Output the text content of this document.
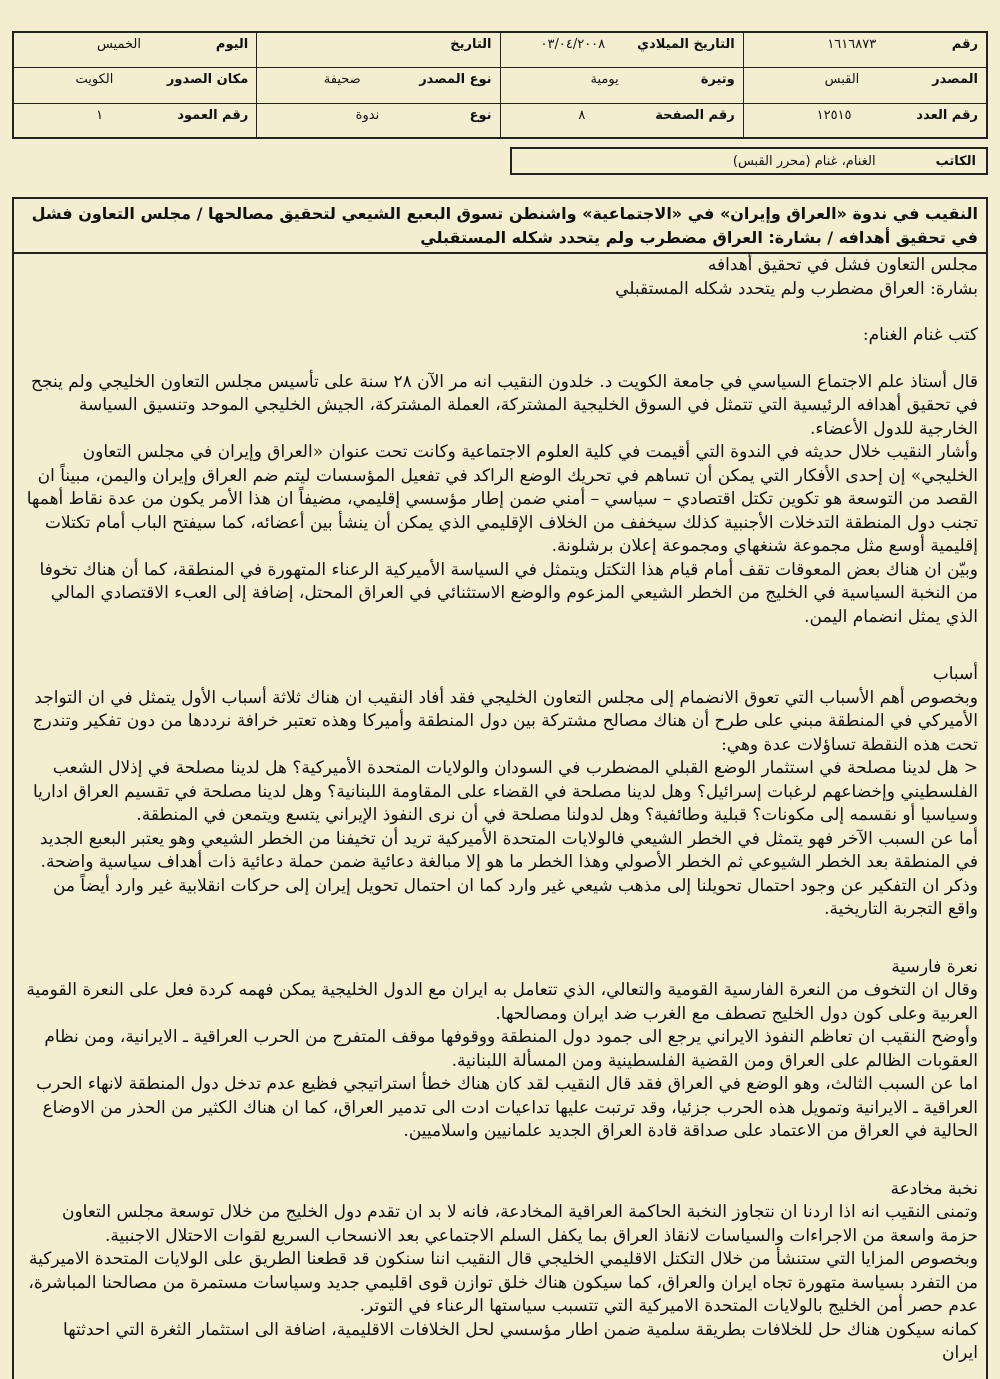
رقم
١٦١٦٨٧٣
التاريخ الميلادي
٠٣/٠٤/٢٠٠٨
التاريخ
اليوم
الخميس
المصدر
القبس
وتيرة
يومية
نوع المصدر
صحيفة
مكان الصدور
الكويت
رقم العدد
١٢٥١٥
رقم الصفحة
٨
نوع
ندوة
رقم العمود
١
الكاتب
الغنام، غنام (محرر القبس)
النقيب في ندوة «العراق وإيران» في «الاجتماعية» واشنطن تسوق البعبع الشيعي لتحقيق مصالحها / مجلس التعاون فشل في تحقيق أهدافه / بشارة: العراق مضطرب ولم يتحدد شكله المستقبلي

مجلس التعاون فشل في تحقيق أهدافه

بشارة: العراق مضطرب ولم يتحدد شكله المستقبلي

كتب غنام الغنام:

قال أستاذ علم الاجتماع السياسي في جامعة الكويت د. خلدون النقيب انه مر الآن ٢٨ سنة على تأسيس مجلس التعاون الخليجي ولم ينجح في تحقيق أهدافه الرئيسية التي تتمثل في السوق الخليجية المشتركة، العملة المشتركة، الجيش الخليجي الموحد وتنسيق السياسة الخارجية للدول الأعضاء.

وأشار النقيب خلال حديثه في الندوة التي أقيمت في كلية العلوم الاجتماعية وكانت تحت عنوان «العراق وإيران في مجلس التعاون الخليجي» إن إحدى الأفكار التي يمكن أن تساهم في تحريك الوضع الراكد في تفعيل المؤسسات ليتم ضم العراق وإيران واليمن، مبيناً ان القصد من التوسعة هو تكوين تكتل اقتصادي – سياسي – أمني ضمن إطار مؤسسي إقليمي، مضيفاً ان هذا الأمر يكون من عدة نقاط أهمها تجنب دول المنطقة التدخلات الأجنبية كذلك سيخفف من الخلاف الإقليمي الذي يمكن أن ينشأ بين أعضائه، كما سيفتح الباب أمام تكتلات إقليمية أوسع مثل مجموعة شنغهاي ومجموعة إعلان برشلونة.

وبيّن ان هناك بعض المعوقات تقف أمام قيام هذا التكتل ويتمثل في السياسة الأميركية الرعناء المتهورة في المنطقة، كما أن هناك تخوفا من النخبة السياسية في الخليج من الخطر الشيعي المزعوم والوضع الاستثنائي في العراق المحتل، إضافة إلى العبء الاقتصادي المالي الذي يمثل انضمام اليمن.

أسباب

وبخصوص أهم الأسباب التي تعوق الانضمام إلى مجلس التعاون الخليجي فقد أفاد النقيب ان هناك ثلاثة أسباب الأول يتمثل في ان التواجد الأميركي في المنطقة مبني على طرح أن هناك مصالح مشتركة بين دول المنطقة وأميركا وهذه تعتبر خرافة نرددها من دون تفكير وتندرج تحت هذه النقطة تساؤلات عدة وهي:

< هل لدينا مصلحة في استثمار الوضع القبلي المضطرب في السودان والولايات المتحدة الأميركية؟ هل لدينا مصلحة في إذلال الشعب الفلسطيني وإخضاعهم لرغبات إسرائيل؟ وهل لدينا مصلحة في القضاء على المقاومة اللبنانية؟ وهل لدينا مصلحة في تقسيم العراق اداريا وسياسيا أو نقسمه إلى مكونات؟ قبلية وطائفية؟ وهل لدولنا مصلحة في أن نرى النفوذ الإيراني يتسع ويتمعن في المنطقة.

أما عن السبب الآخر فهو يتمثل في الخطر الشيعي فالولايات المتحدة الأميركية تريد أن تخيفنا من الخطر الشيعي وهو يعتبر البعبع الجديد في المنطقة بعد الخطر الشيوعي ثم الخطر الأصولي وهذا الخطر ما هو إلا مبالغة دعائية ضمن حملة دعائية ذات أهداف سياسية واضحة.

وذكر ان التفكير عن وجود احتمال تحويلنا إلى مذهب شيعي غير وارد كما ان احتمال تحويل إيران إلى حركات انقلابية غير وارد أيضاً من واقع التجربة التاريخية.

نعرة فارسية

وقال ان التخوف من النعرة الفارسية القومية والتعالي، الذي تتعامل به ايران مع الدول الخليجية يمكن فهمه كردة فعل على النعرة القومية العربية وعلى كون دول الخليج تصطف مع الغرب ضد ايران ومصالحها.

وأوضح النقيب ان تعاظم النفوذ الايراني يرجع الى جمود دول المنطقة ووقوفها موقف المتفرج من الحرب العراقية ـ الايرانية، ومن نظام العقوبات الظالم على العراق ومن القضية الفلسطينية ومن المسألة اللبنانية.

اما عن السبب الثالث، وهو الوضع في العراق فقد قال النقيب لقد كان هناك خطأ استراتيجي فظيع عدم تدخل دول المنطقة لانهاء الحرب العراقية ـ الايرانية وتمويل هذه الحرب جزئيا، وقد ترتبت عليها تداعيات ادت الى تدمير العراق، كما ان هناك الكثير من الحذر من الاوضاع الحالية في العراق من الاعتماد على صداقة قادة العراق الجديد علمانيين واسلاميين.

نخبة مخادعة

وتمنى النقيب انه اذا اردنا ان نتجاوز النخبة الحاكمة العراقية المخادعة، فانه لا بد ان تقدم دول الخليج من خلال توسعة مجلس التعاون حزمة واسعة من الاجراءات والسياسات لانقاذ العراق بما يكفل السلم الاجتماعي بعد الانسحاب السريع لقوات الاحتلال الاجنبية.

وبخصوص المزايا التي ستنشأ من خلال التكتل الاقليمي الخليجي قال النقيب اننا سنكون قد قطعنا الطريق على الولايات المتحدة الاميركية من التفرد بسياسة متهورة تجاه ايران والعراق، كما سيكون هناك خلق توازن قوى اقليمي جديد وسياسات مستمرة من مصالحنا المباشرة، عدم حصر أمن الخليج بالولايات المتحدة الاميركية التي تتسبب سياستها الرعناء في التوتر.

كمانه سيكون هناك حل للخلافات بطريقة سلمية ضمن اطار مؤسسي لحل الخلافات الاقليمية، اضافة الى استثمار الثغرة التي احدثتها ايران
